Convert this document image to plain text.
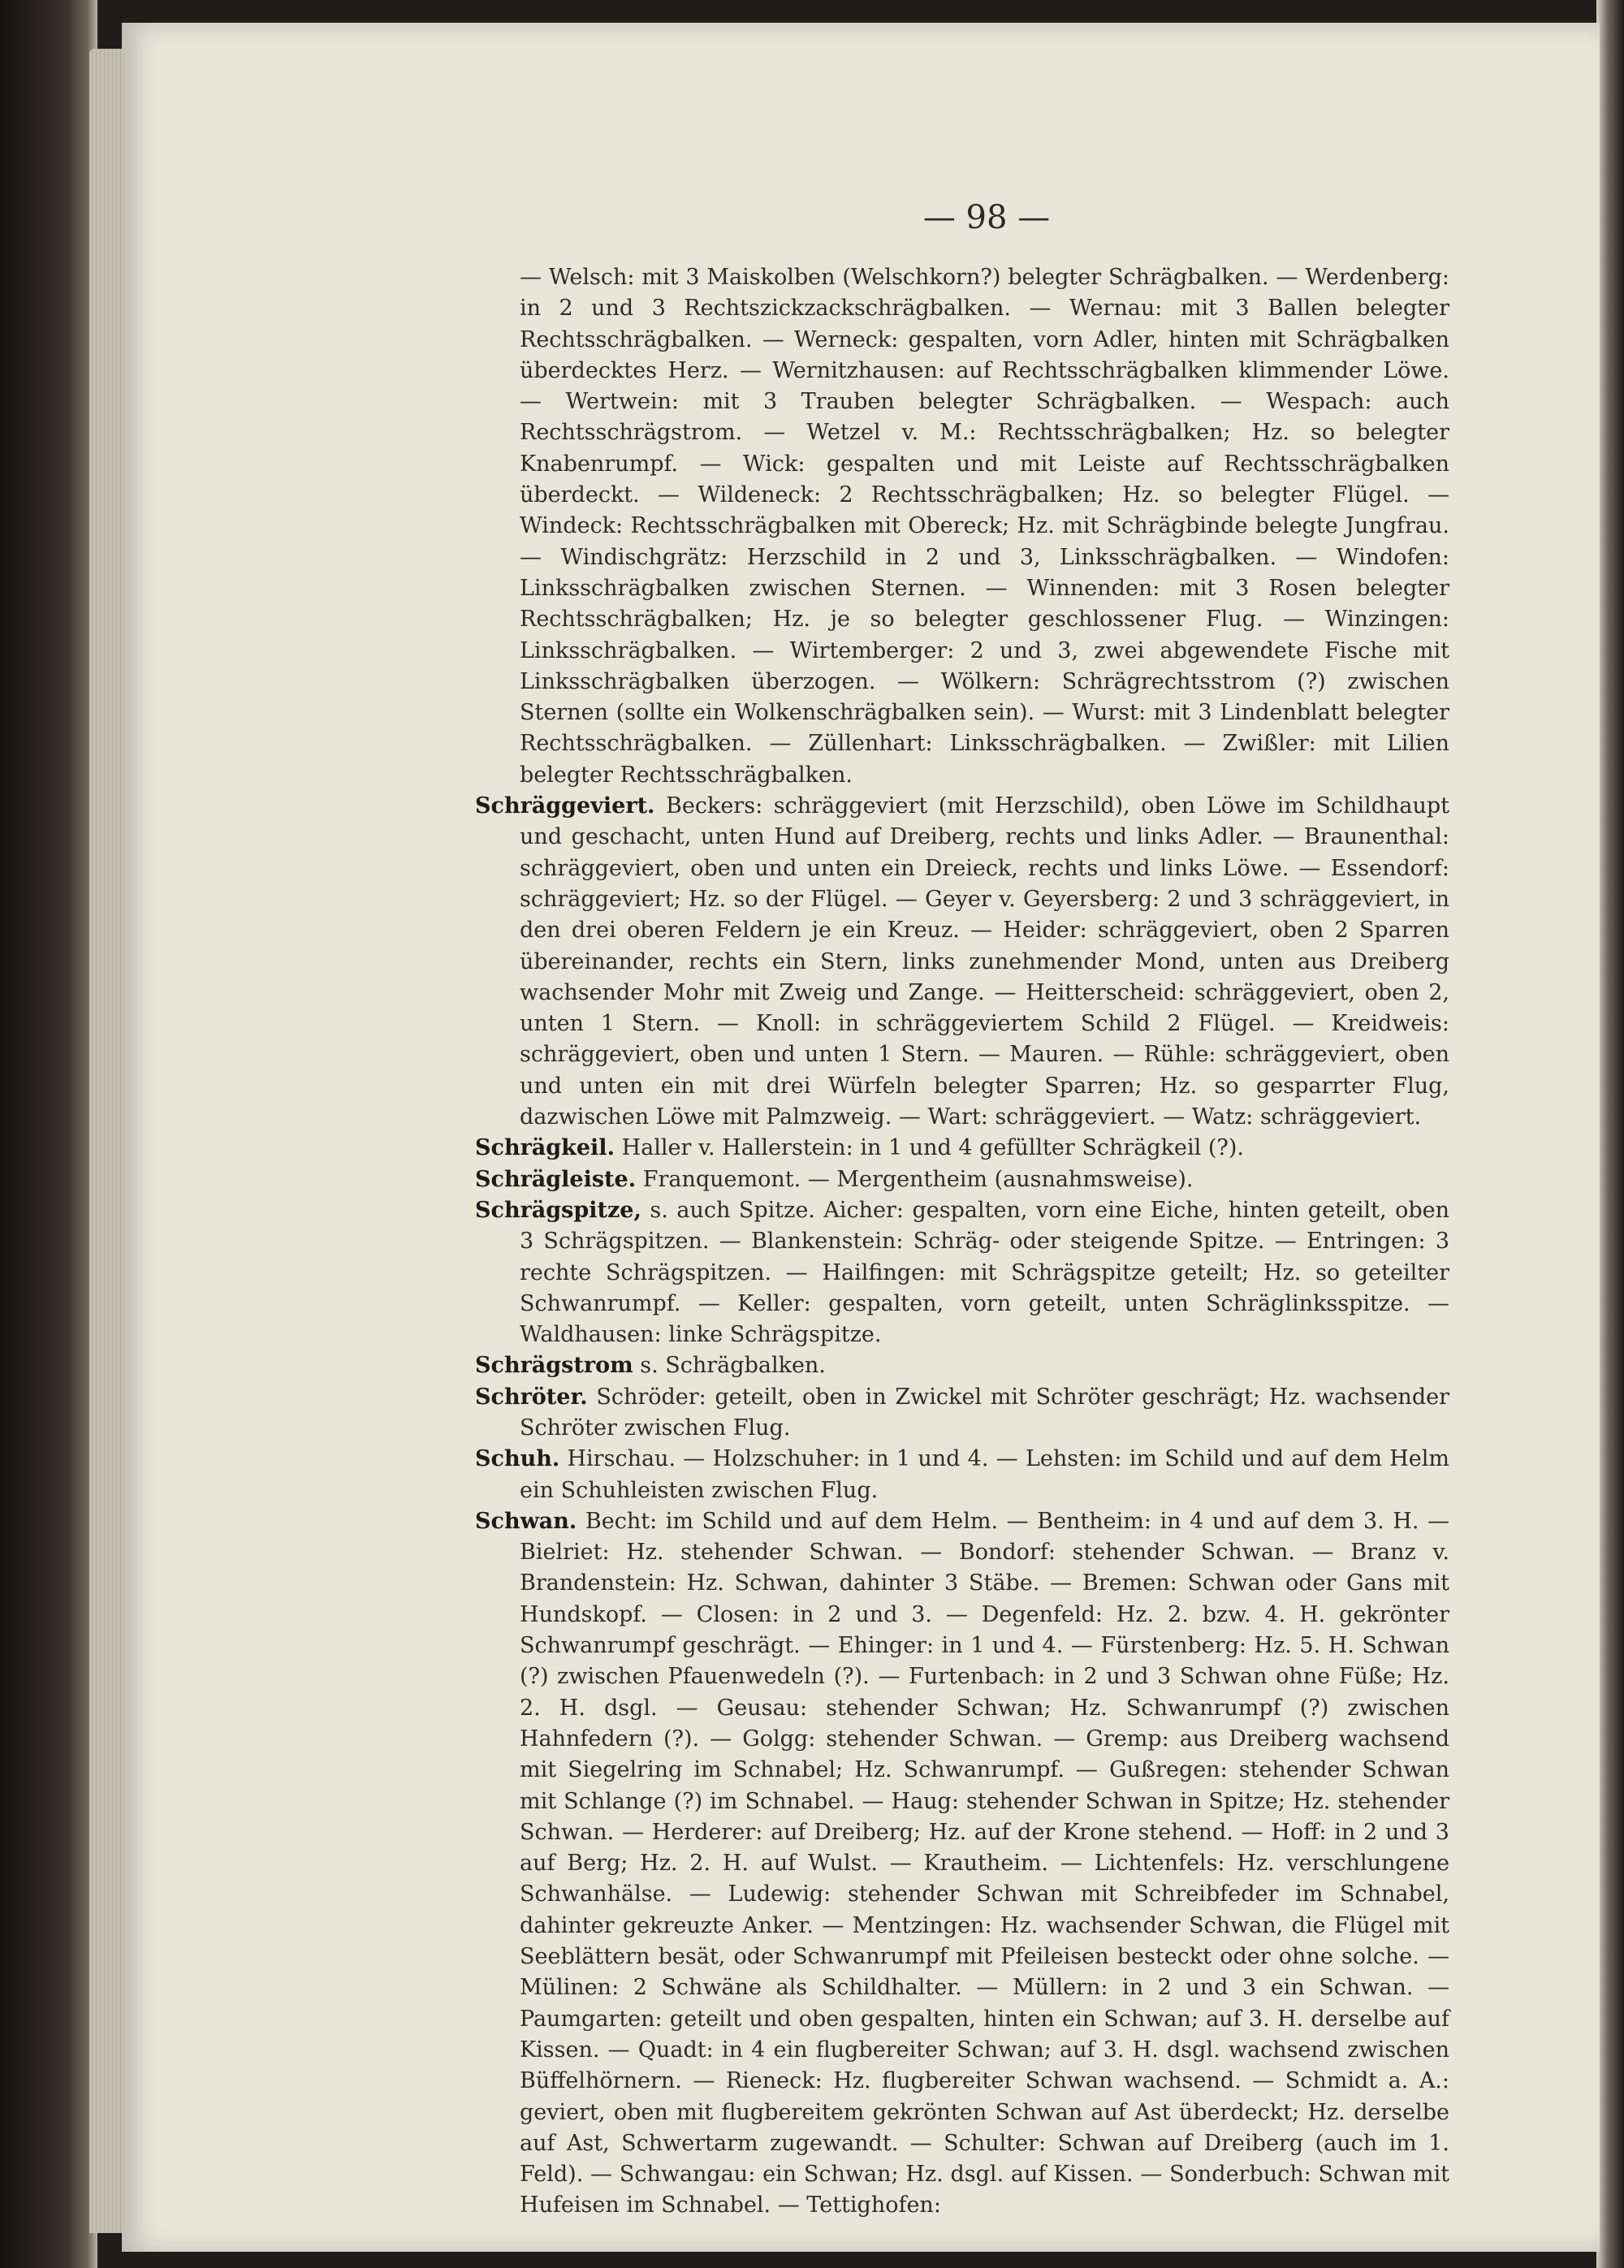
— 98 —

— Welsch: mit 3 Maiskolben (Welschkorn?) belegter Schrägbalken. — Werdenberg: in 2 und 3 Rechtszickzackschrägbalken. — Wernau: mit 3 Ballen belegter Rechtsschrägbalken. — Werneck: gespalten, vorn Adler, hinten mit Schrägbalken überdecktes Herz. — Wernitzhausen: auf Rechtsschrägbalken klimmender Löwe. — Wertwein: mit 3 Trauben belegter Schrägbalken. — Wespach: auch Rechtsschrägstrom. — Wetzel v. M.: Rechtsschrägbalken; Hz. so belegter Knabenrumpf. — Wick: gespalten und mit Leiste auf Rechtsschrägbalken überdeckt. — Wildeneck: 2 Rechtsschrägbalken; Hz. so belegter Flügel. — Windeck: Rechtsschrägbalken mit Obereck; Hz. mit Schrägbinde belegte Jungfrau. — Windischgrätz: Herzschild in 2 und 3, Linksschrägbalken. — Windofen: Linksschrägbalken zwischen Sternen. — Winnenden: mit 3 Rosen belegter Rechtsschrägbalken; Hz. je so belegter geschlossener Flug. — Winzingen: Linksschrägbalken. — Wirtemberger: 2 und 3, zwei abgewendete Fische mit Linksschrägbalken überzogen. — Wölkern: Schrägrechtsstrom (?) zwischen Sternen (sollte ein Wolkenschrägbalken sein). — Wurst: mit 3 Lindenblatt belegter Rechtsschrägbalken. — Züllenhart: Linksschrägbalken. — Zwißler: mit Lilien belegter Rechtsschrägbalken.

Schräggeviert. Beckers: schräggeviert (mit Herzschild), oben Löwe im Schildhaupt und geschacht, unten Hund auf Dreiberg, rechts und links Adler. — Braunenthal: schräggeviert, oben und unten ein Dreieck, rechts und links Löwe. — Essendorf: schräggeviert; Hz. so der Flügel. — Geyer v. Geyersberg: 2 und 3 schräggeviert, in den drei oberen Feldern je ein Kreuz. — Heider: schräggeviert, oben 2 Sparren übereinander, rechts ein Stern, links zunehmender Mond, unten aus Dreiberg wachsender Mohr mit Zweig und Zange. — Heitterscheid: schräggeviert, oben 2, unten 1 Stern. — Knoll: in schräggeviertem Schild 2 Flügel. — Kreidweis: schräggeviert, oben und unten 1 Stern. — Mauren. — Rühle: schräggeviert, oben und unten ein mit drei Würfeln belegter Sparren; Hz. so gesparrter Flug, dazwischen Löwe mit Palmzweig. — Wart: schräggeviert. — Watz: schräggeviert.

Schrägkeil. Haller v. Hallerstein: in 1 und 4 gefüllter Schrägkeil (?).

Schrägleiste. Franquemont. — Mergentheim (ausnahmsweise).

Schrägspitze, s. auch Spitze. Aicher: gespalten, vorn eine Eiche, hinten geteilt, oben 3 Schrägspitzen. — Blankenstein: Schräg- oder steigende Spitze. — Entringen: 3 rechte Schrägspitzen. — Hailfingen: mit Schrägspitze geteilt; Hz. so geteilter Schwanrumpf. — Keller: gespalten, vorn geteilt, unten Schräglinksspitze. — Waldhausen: linke Schrägspitze.

Schrägstrom s. Schrägbalken.

Schröter. Schröder: geteilt, oben in Zwickel mit Schröter geschrägt; Hz. wachsender Schröter zwischen Flug.

Schuh. Hirschau. — Holzschuher: in 1 und 4. — Lehsten: im Schild und auf dem Helm ein Schuhleisten zwischen Flug.

Schwan. Becht: im Schild und auf dem Helm. — Bentheim: in 4 und auf dem 3. H. — Bielriet: Hz. stehender Schwan. — Bondorf: stehender Schwan. — Branz v. Brandenstein: Hz. Schwan, dahinter 3 Stäbe. — Bremen: Schwan oder Gans mit Hundskopf. — Closen: in 2 und 3. — Degenfeld: Hz. 2. bzw. 4. H. gekrönter Schwanrumpf geschrägt. — Ehinger: in 1 und 4. — Fürstenberg: Hz. 5. H. Schwan (?) zwischen Pfauenwedeln (?). — Furtenbach: in 2 und 3 Schwan ohne Füße; Hz. 2. H. dsgl. — Geusau: stehender Schwan; Hz. Schwanrumpf (?) zwischen Hahnfedern (?). — Golgg: stehender Schwan. — Gremp: aus Dreiberg wachsend mit Siegelring im Schnabel; Hz. Schwanrumpf. — Gußregen: stehender Schwan mit Schlange (?) im Schnabel. — Haug: stehender Schwan in Spitze; Hz. stehender Schwan. — Herderer: auf Dreiberg; Hz. auf der Krone stehend. — Hoff: in 2 und 3 auf Berg; Hz. 2. H. auf Wulst. — Krautheim. — Lichtenfels: Hz. verschlungene Schwanhälse. — Ludewig: stehender Schwan mit Schreibfeder im Schnabel, dahinter gekreuzte Anker. — Mentzingen: Hz. wachsender Schwan, die Flügel mit Seeblättern besät, oder Schwanrumpf mit Pfeileisen besteckt oder ohne solche. — Mülinen: 2 Schwäne als Schildhalter. — Müllern: in 2 und 3 ein Schwan. — Paumgarten: geteilt und oben gespalten, hinten ein Schwan; auf 3. H. derselbe auf Kissen. — Quadt: in 4 ein flugbereiter Schwan; auf 3. H. dsgl. wachsend zwischen Büffelhörnern. — Rieneck: Hz. flugbereiter Schwan wachsend. — Schmidt a. A.: geviert, oben mit flugbereitem gekrönten Schwan auf Ast überdeckt; Hz. derselbe auf Ast, Schwertarm zugewandt. — Schulter: Schwan auf Dreiberg (auch im 1. Feld). — Schwangau: ein Schwan; Hz. dsgl. auf Kissen. — Sonderbuch: Schwan mit Hufeisen im Schnabel. — Tettighofen:
